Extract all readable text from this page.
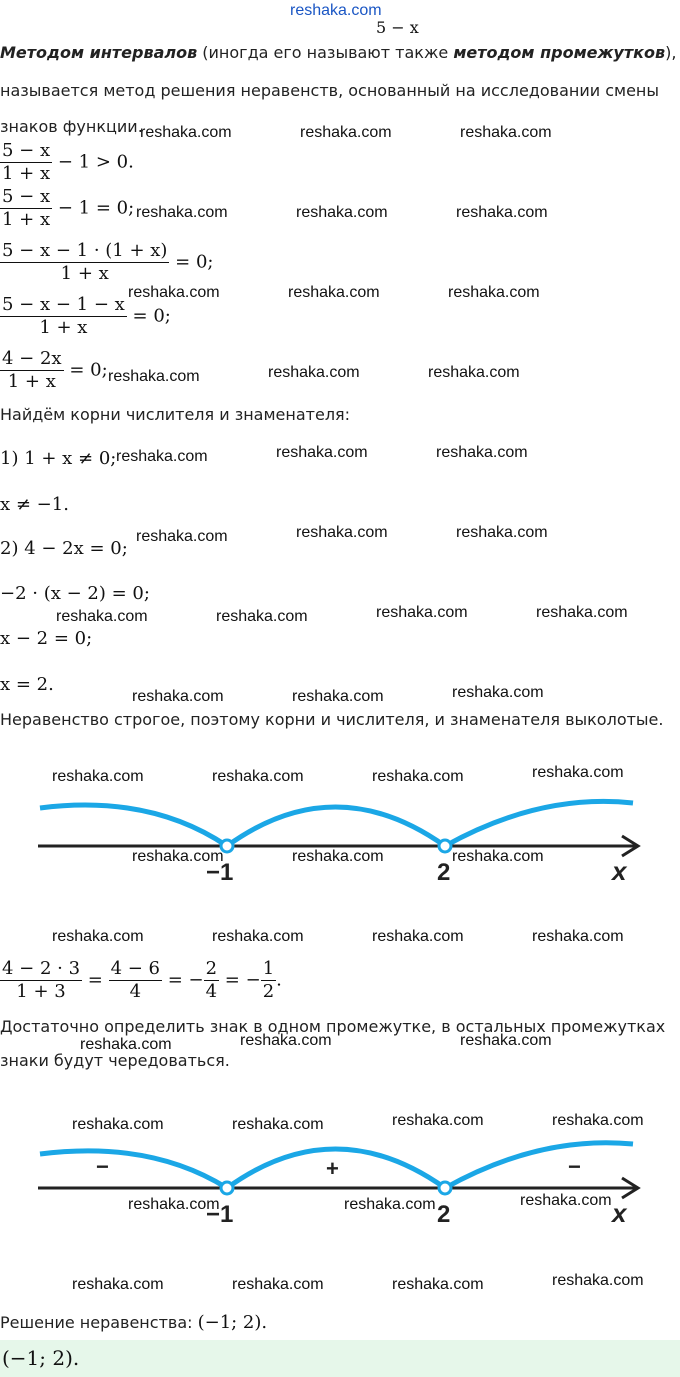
reshaka.com
5 − x
Методом интервалов (иногда его называют также методом промежутков),
называется метод решения неравенств, основанный на исследовании смены
знаков функции.
$\frac{5 - x}{1 + x} - 1 > 0$.
$\frac{5 - x}{1 + x} - 1 = 0$;
$\frac{5 - x - 1 \cdot (1 + x)}{1 + x} = 0$;
$\frac{5 - x - 1 - x}{1 + x} = 0$;
$\frac{4 - 2x}{1 + x} = 0$;
Найдём корни числителя и знаменателя:
1) 1 + x ≠ 0;
x ≠ −1.
2) 4 − 2x = 0;
−2 · (x − 2) = 0;
x − 2 = 0;
x = 2.
Неравенство строгое, поэтому корни и числителя, и знаменателя выколотые.
−1	2	x
$\frac{4 - 2 \cdot 3}{1 + 3} = \frac{4 - 6}{4}$ = − $\frac{2}{4}$ = − $\frac{1}{2}$ .
Достаточно определить знак в одном промежутке, в остальных промежутках
знаки будут чередоваться.
−	+	−
−1	2	x
Решение неравенства: (−1; 2).
(−1; 2).
reshaka.com	reshaka.com	reshaka.com
reshaka.com	reshaka.com	reshaka.com
reshaka.com	reshaka.com	reshaka.com
reshaka.com	reshaka.com	reshaka.com
reshaka.com	reshaka.com	reshaka.com
reshaka.com	reshaka.com	reshaka.com
reshaka.com	reshaka.com	reshaka.com	reshaka.com
reshaka.com	reshaka.com	reshaka.com
reshaka.com	reshaka.com	reshaka.com	reshaka.com
reshaka.com	reshaka.com	reshaka.com
reshaka.com	reshaka.com	reshaka.com	reshaka.com
reshaka.com	reshaka.com	reshaka.com
reshaka.com	reshaka.com	reshaka.com	reshaka.com
reshaka.com	reshaka.com	reshaka.com
reshaka.com	reshaka.com	reshaka.com	reshaka.com
